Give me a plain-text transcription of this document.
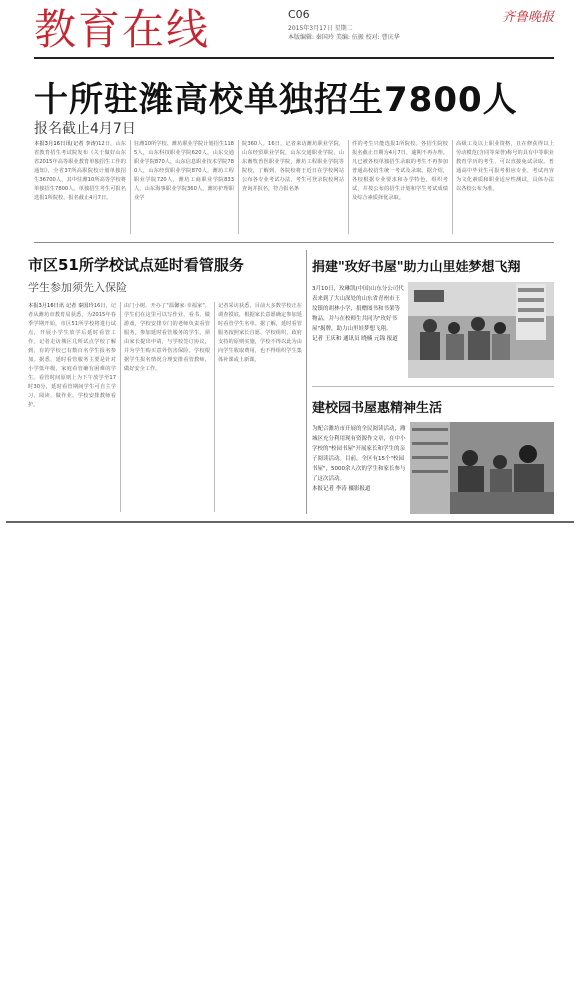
教育在线	C06
2015年3月17日 星期二
本版编辑: 秦国玲 美编: 伍振 校对: 曹庆华
齐鲁晚报
十所驻潍高校单独招生7800人
报名截止4月7日
本报3月16日讯(记者 李涛)12日，山东省教育招生考试院发布《关于做好山东省2015年高等职业教育单独招生工作的通知》，全省37所高职院校计划单独招生36700人，其中驻潍10所高等学校将单独招生7800人。单独招生考生可报名选报1所院校，报名截止4月7日。
驻潍10所学校、潍坊职业学院计划招生1185人，山东科技职业学院620人，山东交通职业学院870人，山东信息职业技术学院780人，山东经贸职业学院870人，潍坊工程职业学院720人，潍坊工商职业学院833人，山东海事职业学院360人，潍坊护理职业学
院360人。16日，记者来访潍坊职业学院，山东经贸职业学院，山东交通职业学院，山东畜牧兽医职业学院，潍坊工程职业学院等院校，了解到，各院校将于近日在学校网站公布各专业考试办法，考生可登录院校网站查询并报名，符合报名条
件的考生只能选报1所院校。各招生院校报名截止日期为4月7日，逾期不再办理。凡已被各校单独招生录取的考生不再参加普通高校招生统一考试及录取。据介绍，各校根据专业要求和办学特色，组织考试，并按公布的招生计划和学生考试成绩及综合素质择优录取。
高级工及以上职业资格，且在修获得以上劳动模范(含同等荣誉)称号的具有中等职业教育学历的考生，可以直接免试录取。普通高中毕业生可报考相应专业，考试内容为文化素质和职业适应性测试，具体办法以各校公布为准。
市区51所学校试点延时看管服务
学生参加须先入保险
本报3月16日讯 记者 秦国玲16日，记者从潍坊市教育局获悉，为2015年春季学期开始，市区51所学校将进行试点，开展小学生放学后延时看管工作。记者走访城区几所试点学校了解到，有的学校已有数百名学生报名参加。据悉，延时看管服务主要是针对小学低年级，家庭看管确有困难的学生。看管时间原则上为下午放学至17时30分，延时看管期间学生可自主学习、阅读、做作业，学校安排教师看护。
由门小树，开办了"温馨家·幸福家"。学生们在这里可以写作业、看书、做游戏，学校安排专门的老师负责看管服务。参加延时看管服务的学生，须由家长提出申请，与学校签订协议，并为学生购买意外伤害保险。学校根据学生报名情况合理安排看管教师，做好安全工作。
记者采访获悉，目前大多数学校正在调查摸底，根据家长意愿确定参加延时看管学生名单。据了解，延时看管服务按照家长自愿、学校组织、政府支持的原则实施，学校不得以此为由向学生收取费用，也不得组织学生集体补课或上新课。
捐建"玫好书屋"助力山里娃梦想飞翔
3月10日，玫琳凯(中国)山东分公司代表来到了大山深处的山东省青州市王坟镇的胡林小学，捐赠图书和书架等物品，并与在校师生共同为"玫好书屋"揭牌，助力山里娃梦想飞翔。
记者 王庆和 通讯员 晓楠 元锦 报道
建校园书屋惠精神生活
为配合潍坊市开展的全民阅读活动，潍城区充分利用现有资源作文章，在中小学校的"校园书屋"开展家长和学生的亲子阅读活动。目前，全区有15个"校园书屋"，5000余人次的学生和家长参与了这次活动。
本报记者 李涛 摄影报道
